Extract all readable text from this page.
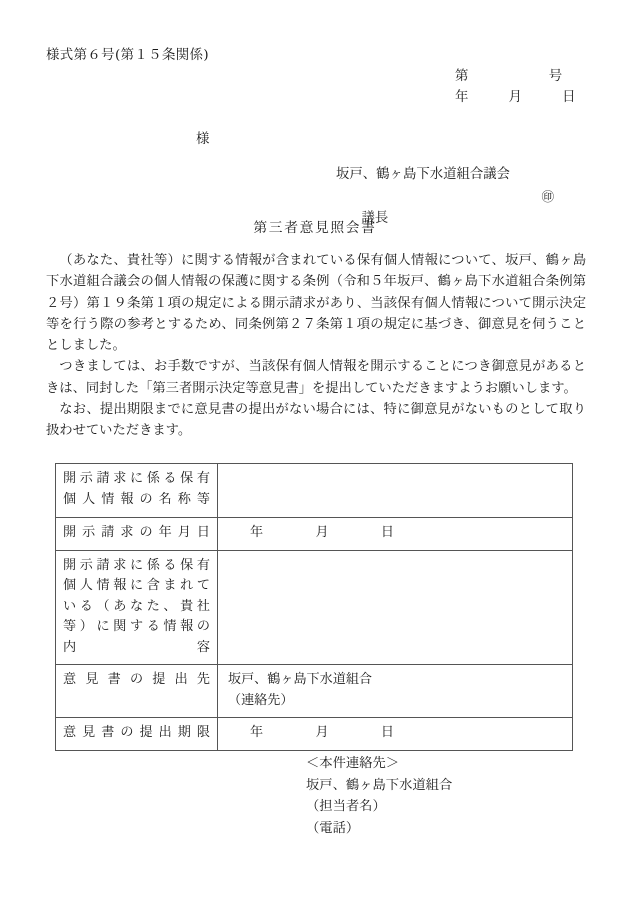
様式第６号(第１５条関係)
第　　　　　　号
年　　　月　　　日
様
坂戸、鶴ヶ島下水道組合議会

議長

㊞

第三者意見照会書

（あなた、貴社等）に関する情報が含まれている保有個人情報について、坂戸、鶴ヶ島下水道組合議会の個人情報の保護に関する条例（令和５年坂戸、鶴ヶ島下水道組合条例第２号）第１９条第１項の規定による開示請求があり、当該保有個人情報について開示決定等を行う際の参考とするため、同条例第２７条第１項の規定に基づき、御意見を伺うこととしました。

つきましては、お手数ですが、当該保有個人情報を開示することにつき御意見があるときは、同封した「第三者開示決定等意見書」を提出していただきますようお願いします。

なお、提出期限までに意見書の提出がない場合には、特に御意見がないものとして取り扱わせていただきます。

開示請求に係る保有
個人情報の名称等	

開示請求の年月日	年　　　　月　　　　日

開示請求に係る保有
個人情報に含まれて
いる（あなた、貴社
等）に関する情報の
内容	

意見書の提出先	坂戸、鶴ヶ島下水道組合
（連絡先）

意見書の提出期限	年　　　　月　　　　日
＜本件連絡先＞
坂戸、鶴ヶ島下水道組合
（担当者名）
（電話）
